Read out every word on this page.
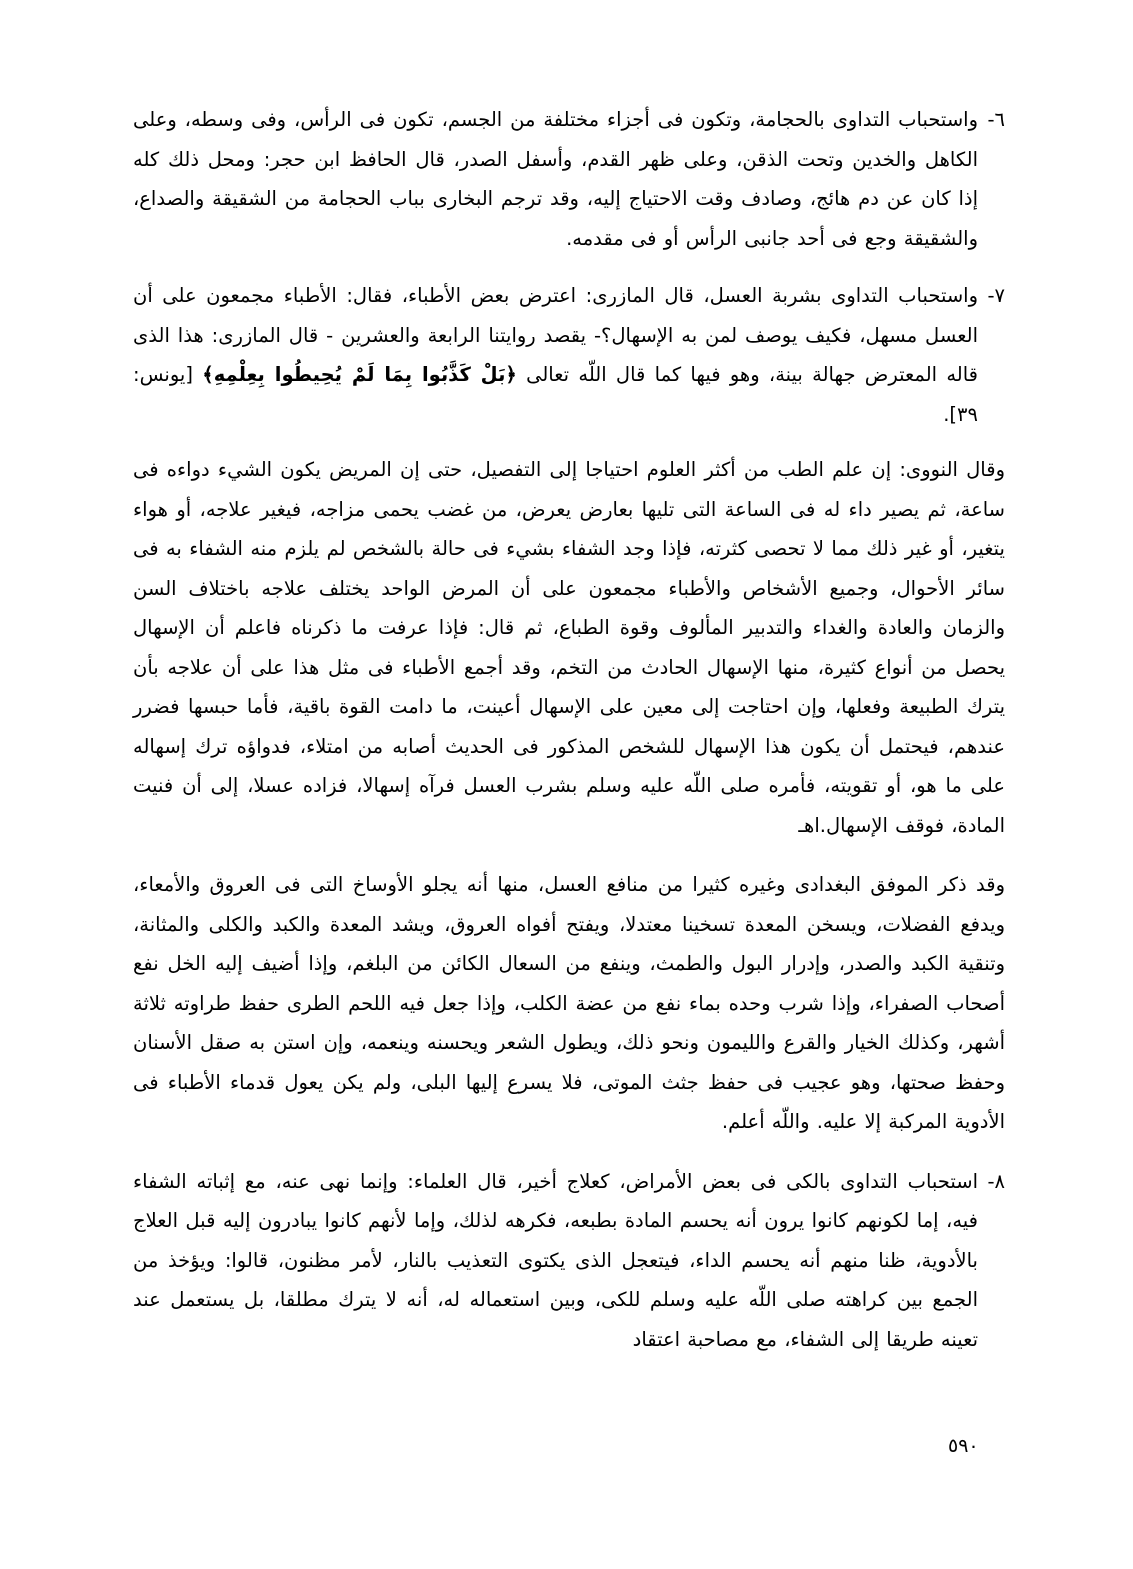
٦-واستحباب التداوى بالحجامة، وتكون فى أجزاء مختلفة من الجسم، تكون فى الرأس، وفى وسطه، وعلى الكاهل والخدين وتحت الذقن، وعلى ظهر القدم، وأسفل الصدر، قال الحافظ ابن حجر: ومحل ذلك كله إذا كان عن دم هائج، وصادف وقت الاحتياج إليه، وقد ترجم البخارى بباب الحجامة من الشقيقة والصداع، والشقيقة وجع فى أحد جانبى الرأس أو فى مقدمه.

٧-واستحباب التداوى بشربة العسل، قال المازرى: اعترض بعض الأطباء، فقال: الأطباء مجمعون على أن العسل مسهل، فكيف يوصف لمن به الإسهال؟- يقصد روايتنا الرابعة والعشرين - قال المازرى: هذا الذى قاله المعترض جهالة بينة، وهو فيها كما قال اللّه تعالى ﴿بَلْ كَذَّبُوا بِمَا لَمْ يُحِيطُوا بِعِلْمِهِ﴾ [يونس: ٣٩].

وقال النووى: إن علم الطب من أكثر العلوم احتياجا إلى التفصيل، حتى إن المريض يكون الشيء دواءه فى ساعة، ثم يصير داء له فى الساعة التى تليها بعارض يعرض، من غضب يحمى مزاجه، فيغير علاجه، أو هواء يتغير، أو غير ذلك مما لا تحصى كثرته، فإذا وجد الشفاء بشيء فى حالة بالشخص لم يلزم منه الشفاء به فى سائر الأحوال، وجميع الأشخاص والأطباء مجمعون على أن المرض الواحد يختلف علاجه باختلاف السن والزمان والعادة والغداء والتدبير المألوف وقوة الطباع، ثم قال: فإذا عرفت ما ذكرناه فاعلم أن الإسهال يحصل من أنواع كثيرة، منها الإسهال الحادث من التخم، وقد أجمع الأطباء فى مثل هذا على أن علاجه بأن يترك الطبيعة وفعلها، وإن احتاجت إلى معين على الإسهال أعينت، ما دامت القوة باقية، فأما حبسها فضرر عندهم، فيحتمل أن يكون هذا الإسهال للشخص المذكور فى الحديث أصابه من امتلاء، فدواؤه ترك إسهاله على ما هو، أو تقويته، فأمره صلى اللّه عليه وسلم بشرب العسل فرآه إسهالا، فزاده عسلا، إلى أن فنيت المادة، فوقف الإسهال.اهـ

وقد ذكر الموفق البغدادى وغيره كثيرا من منافع العسل، منها أنه يجلو الأوساخ التى فى العروق والأمعاء، ويدفع الفضلات، ويسخن المعدة تسخينا معتدلا، ويفتح أفواه العروق، ويشد المعدة والكبد والكلى والمثانة، وتنقية الكبد والصدر، وإدرار البول والطمث، وينفع من السعال الكائن من البلغم، وإذا أضيف إليه الخل نفع أصحاب الصفراء، وإذا شرب وحده بماء نفع من عضة الكلب، وإذا جعل فيه اللحم الطرى حفظ طراوته ثلاثة أشهر، وكذلك الخيار والقرع والليمون ونحو ذلك، ويطول الشعر ويحسنه وينعمه، وإن استن به صقل الأسنان وحفظ صحتها، وهو عجيب فى حفظ جثث الموتى، فلا يسرع إليها البلى، ولم يكن يعول قدماء الأطباء فى الأدوية المركبة إلا عليه. واللّه أعلم.

٨-استحباب التداوى بالكى فى بعض الأمراض، كعلاج أخير، قال العلماء: وإنما نهى عنه، مع إثباته الشفاء فيه، إما لكونهم كانوا يرون أنه يحسم المادة بطبعه، فكرهه لذلك، وإما لأنهم كانوا يبادرون إليه قبل العلاج بالأدوية، ظنا منهم أنه يحسم الداء، فيتعجل الذى يكتوى التعذيب بالنار، لأمر مظنون، قالوا: ويؤخذ من الجمع بين كراهته صلى اللّه عليه وسلم للكى، وبين استعماله له، أنه لا يترك مطلقا، بل يستعمل عند تعينه طريقا إلى الشفاء، مع مصاحبة اعتقاد

٥٩٠
